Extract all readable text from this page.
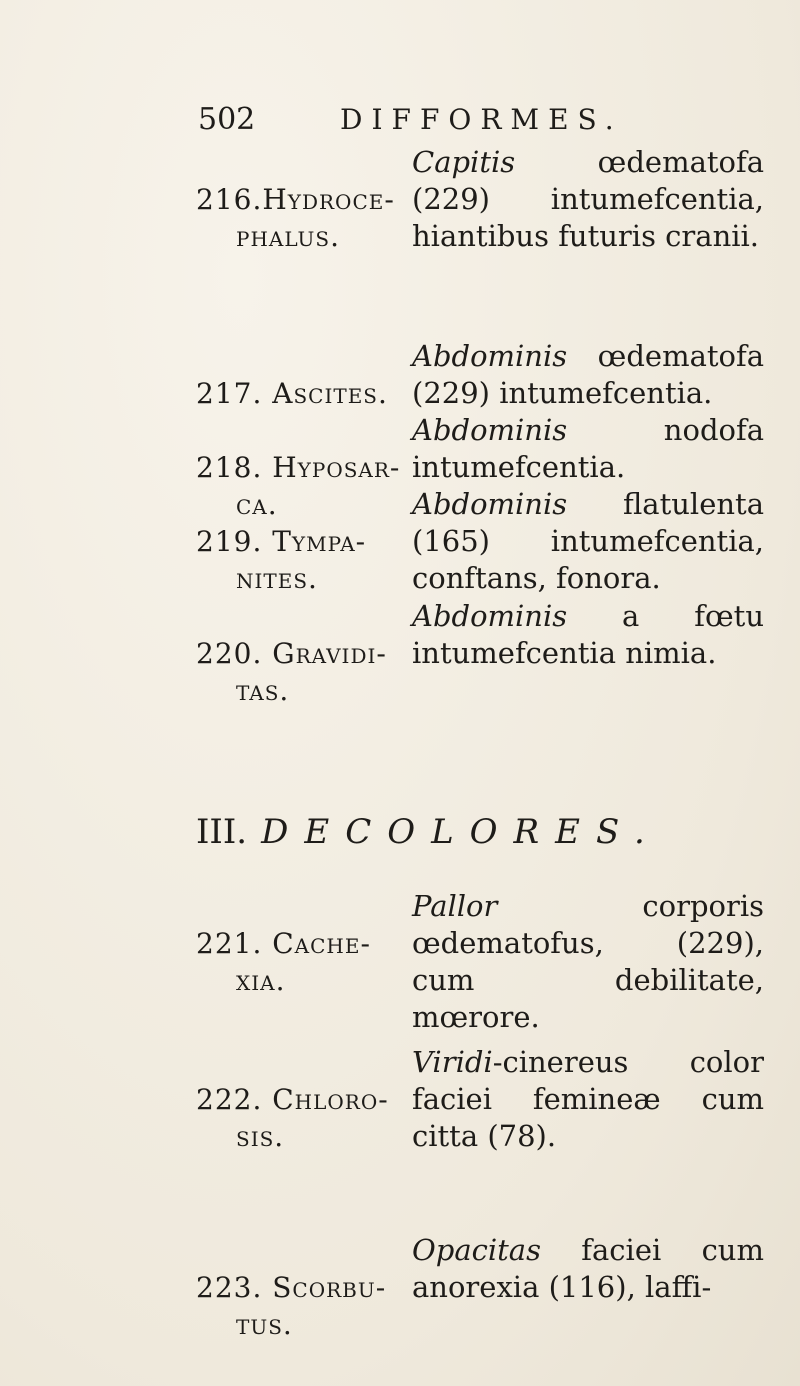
502	DIFFORMES.

216.Hydroce-

phalus.

Capitis œdematofa (229) intumefcentia, hiantibus futuris cranii.

217. Ascites.

Abdominis œdematofa (229) intumefcentia.

218. Hyposar-

ca.

Abdominis nodofa intumefcentia.

219. Tympa-

nites.

Abdominis flatulenta (165) intumefcentia, conftans, fonora.

220. Gravidi-

tas.

Abdominis a fœtu intumefcentia nimia.
III. DECOLORES.

221. Cache-

xia.

Pallor corporis œdematofus, (229), cum debilitate, mœrore.

222. Chloro-

sis.

Viridi-cinereus color faciei femineæ cum citta (78).

223. Scorbu-

tus.

Opacitas faciei cum anorexia (116), laffi-
